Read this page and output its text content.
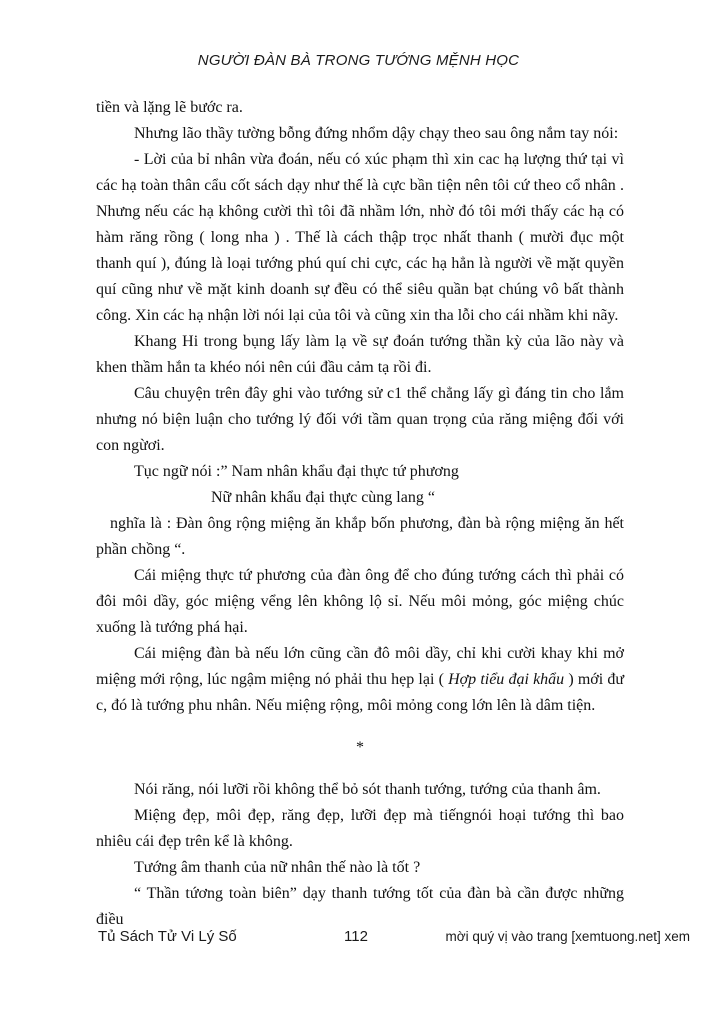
NGƯỜI ĐÀN BÀ TRONG TƯỚNG MỆNH HỌC

tiền và lặng lẽ bước ra.

Nhưng lão thầy tường bỗng đứng nhổm dậy chạy theo sau ông nắm tay nói:

- Lời của bỉ nhân vừa đoán, nếu có xúc phạm thì xin cac hạ lượng thứ tại vì các hạ toàn thân cẩu cốt sách dạy như thế là cực bần tiện nên tôi cứ theo cổ nhân . Nhưng nếu các hạ không cười thì tôi đã nhầm lớn, nhờ đó tôi mới thấy các hạ có hàm răng rồng ( long nha ) . Thế là cách thập trọc nhất thanh ( mười đục một thanh quí ), đúng là loại tướng phú quí chi cực, các hạ hẳn là người về mặt quyền quí cũng như về mặt kinh doanh sự đều có thể siêu quần bạt chúng vô bất thành công. Xin các hạ nhận lời nói lại của tôi và cũng xin tha lỗi cho cái nhầm khi nãy.

Khang Hi trong bụng lấy làm lạ về sự đoán tướng thần kỳ của lão này và khen thầm hắn ta khéo nói nên cúi đầu cảm tạ rồi đi.

Câu chuyện trên đây ghi vào tướng sử c1 thể chẳng lấy gì đáng tin cho lắm nhưng nó biện luận cho tướng lý đối với tầm quan trọng của răng miệng đối với con ngừơi.

Tục ngữ nói :” Nam nhân khẩu đại thực tứ phương

Nữ nhân khẩu đại thực cùng lang “

nghĩa là : Đàn ông rộng miệng ăn khắp bốn phương, đàn bà rộng miệng ăn hết phần chồng “.

Cái miệng thực tứ phương của đàn ông để cho đúng tướng cách thì phải có đôi môi dầy, góc miệng vểng lên không lộ sỉ. Nếu môi mỏng, góc miệng chúc xuống là tướng phá hại.

Cái miệng đàn bà nếu lớn cũng cần đô môi dầy, chỉ khi cười khay khi mở miệng mới rộng, lúc ngậm miệng nó phải thu hẹp lại ( Hợp tiểu đại khẩu ) mới đư c, đó là tướng phu nhân. Nếu miệng rộng, môi mỏng cong lớn lên là dâm tiện.

*

Nói răng, nói lưỡi rồi không thể bỏ sót thanh tướng, tướng của thanh âm.

Miệng đẹp, môi đẹp, răng đẹp, lưỡi đẹp mà tiếngnói hoại tướng thì bao nhiêu cái đẹp trên kể là không.

Tướng âm thanh của nữ nhân thế nào là tốt ?

“ Thần tứơng toàn biên” dạy thanh tướng tốt của đàn bà cần được những điều

Tủ Sách Tử Vi Lý Số	112	mời quý vị vào trang [xemtuong.net] xem
